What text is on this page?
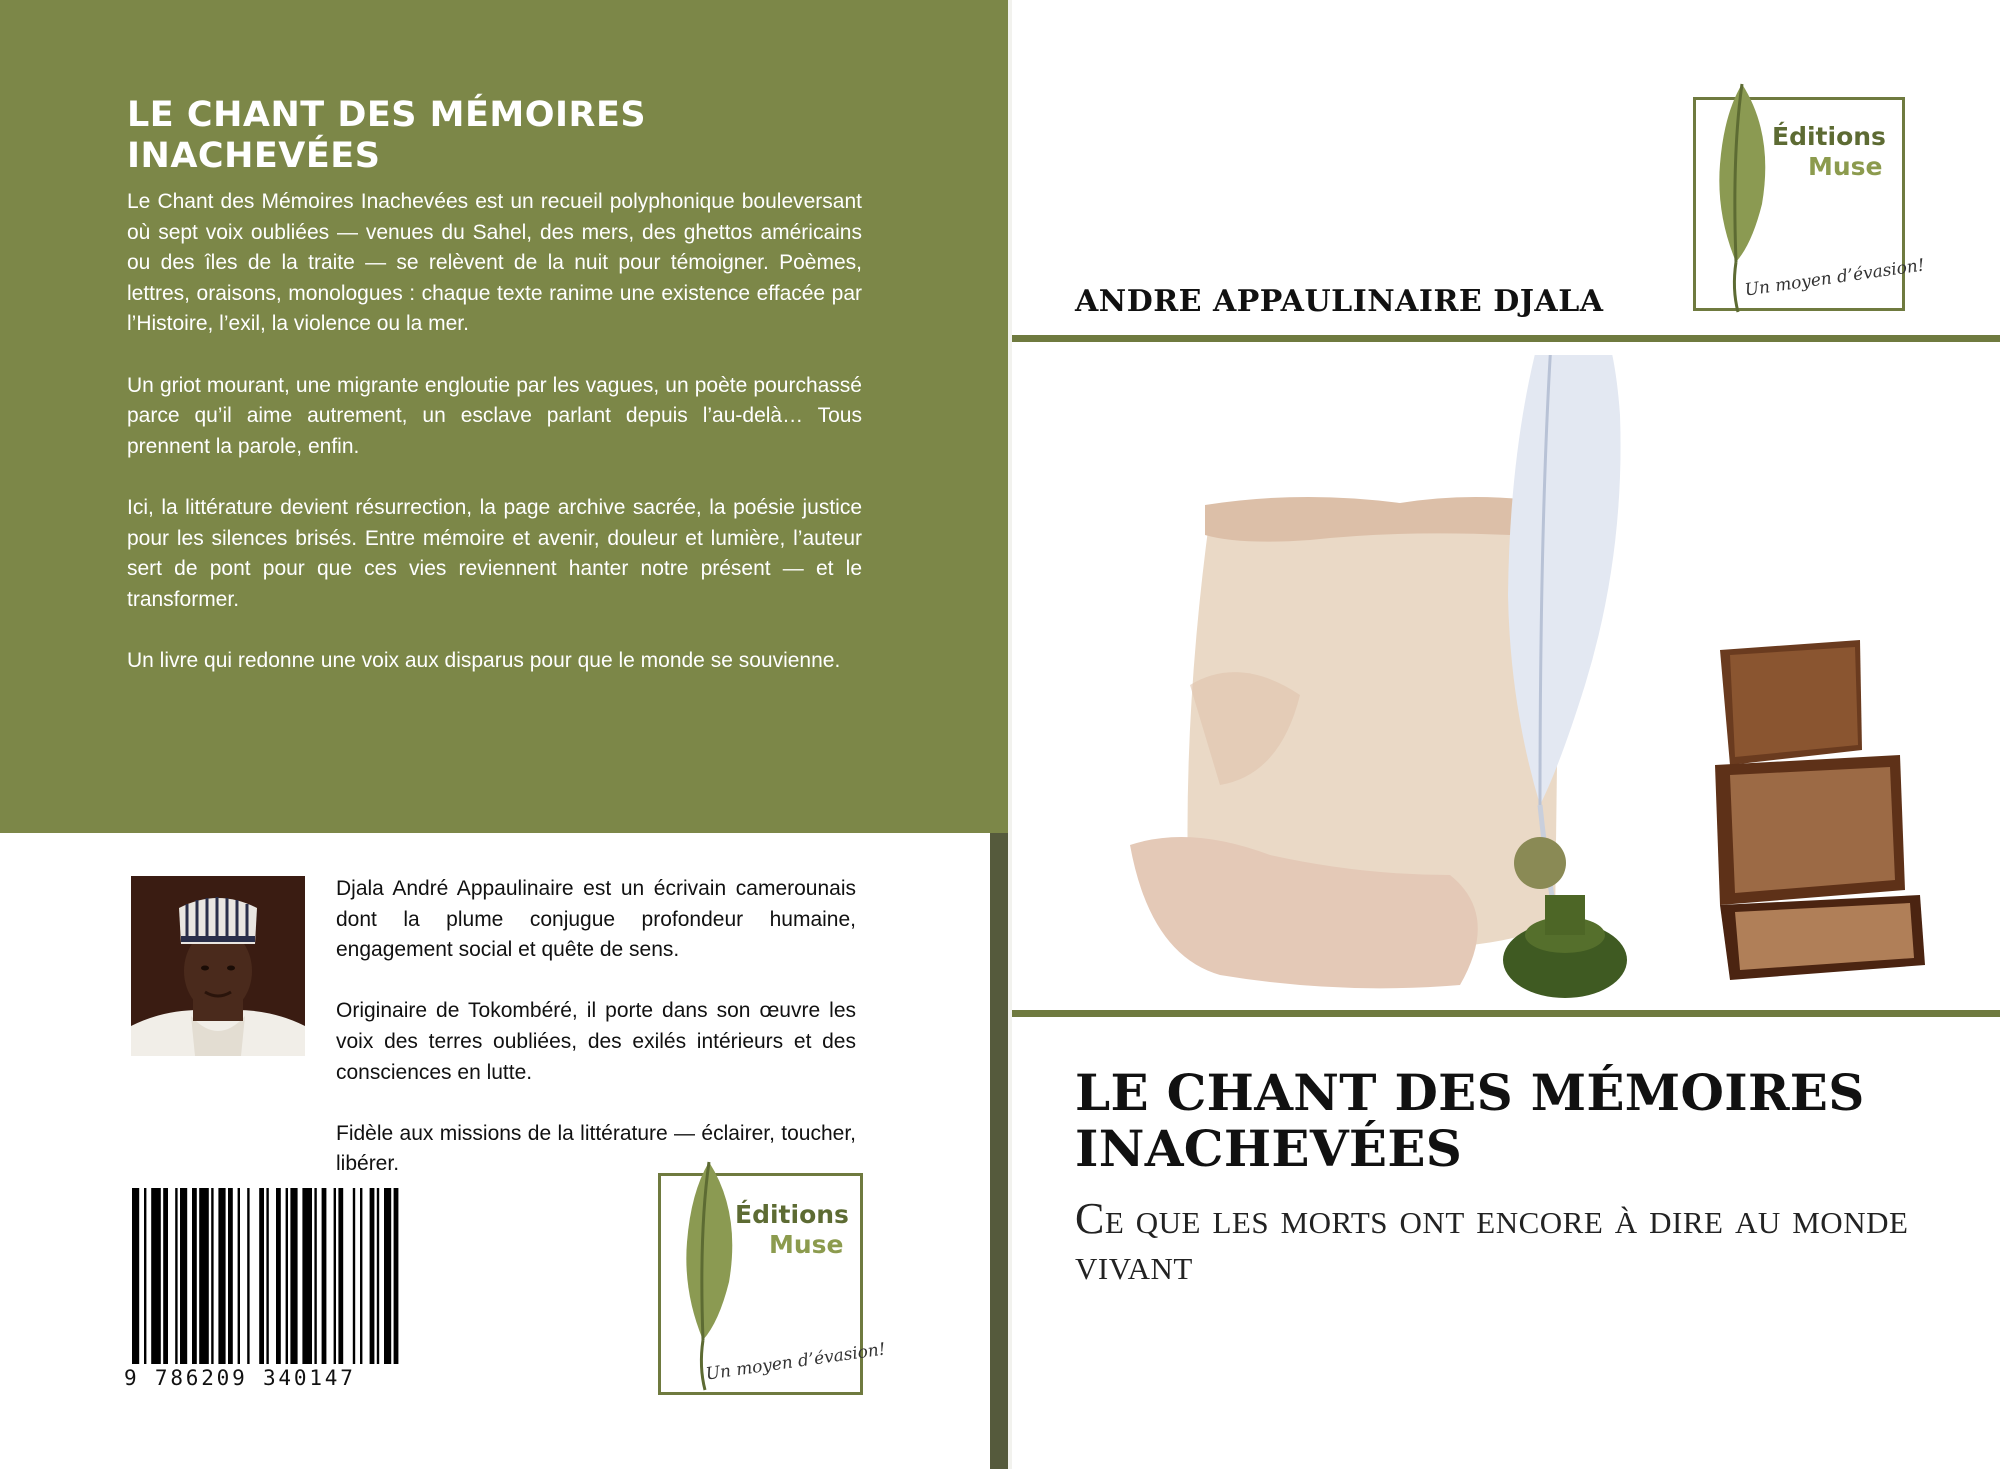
LE CHANT DES MÉMOIRES INACHEVÉES

Le Chant des Mémoires Inachevées est un recueil polyphonique bouleversant où sept voix oubliées — venues du Sahel, des mers, des ghettos américains ou des îles de la traite — se relèvent de la nuit pour témoigner. Poèmes, lettres, oraisons, monologues : chaque texte ranime une existence effacée par l’Histoire, l’exil, la violence ou la mer.

Un griot mourant, une migrante engloutie par les vagues, un poète pourchassé parce qu’il aime autrement, un esclave parlant depuis l’au-delà… Tous prennent la parole, enfin.

Ici, la littérature devient résurrection, la page archive sacrée, la poésie justice pour les silences brisés. Entre mémoire et avenir, douleur et lumière, l’auteur sert de pont pour que ces vies reviennent hanter notre présent — et le transformer.

Un livre qui redonne une voix aux disparus pour que le monde se souvienne.

Djala André Appaulinaire est un écrivain camerounais dont la plume conjugue profondeur humaine, engagement social et quête de sens.

Originaire de Tokombéré, il porte dans son œuvre les voix des terres oubliées, des exilés intérieurs et des consciences en lutte.

Fidèle aux missions de la littérature — éclairer, toucher, libérer.

9 786209 340147
Éditions
Muse
Un moyen d’évasion!
Éditions
Muse
Un moyen d’évasion!
ANDRE APPAULINAIRE DJALA
LE CHANT DES MÉMOIRES INACHEVÉES
Ce que les morts ont encore à dire au monde vivant
